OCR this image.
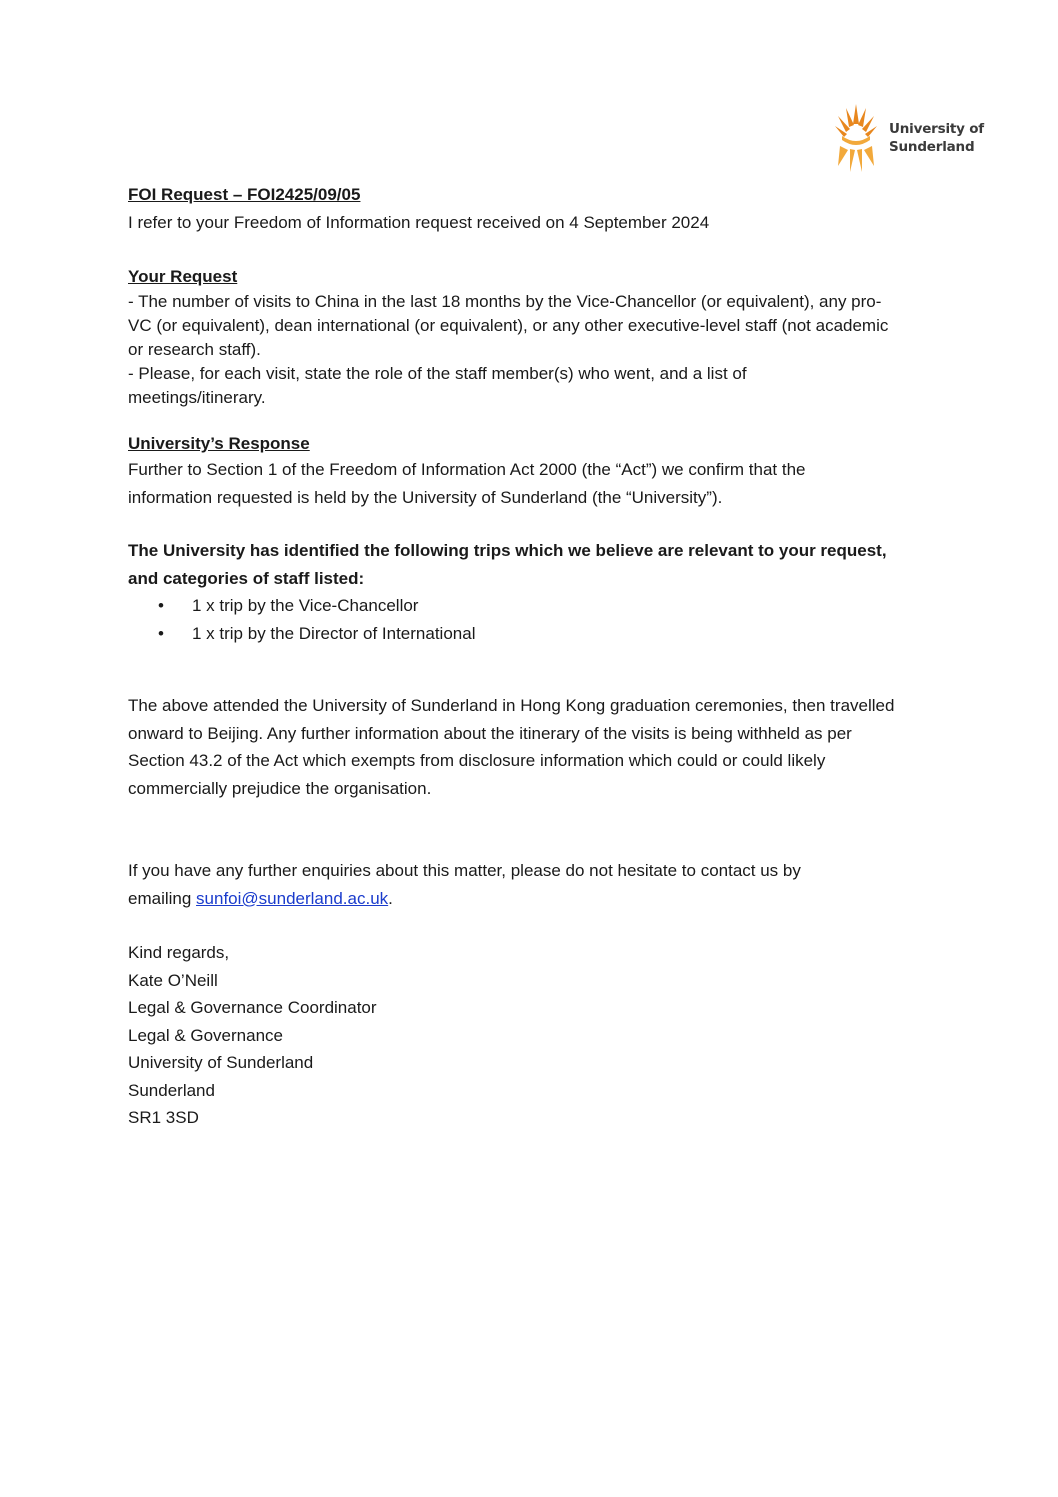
University of
Sunderland

FOI Request – FOI2425/09/05

I refer to your Freedom of Information request received on 4 September 2024

Your Request

- The number of visits to China in the last 18 months by the Vice-Chancellor (or equivalent), any pro-

VC (or equivalent), dean international (or equivalent), or any other executive-level staff (not academic

or research staff).

- Please, for each visit, state the role of the staff member(s) who went, and a list of

meetings/itinerary.

University’s Response

Further to Section 1 of the Freedom of Information Act 2000 (the “Act”) we confirm that the

information requested is held by the University of Sunderland (the “University”).

The University has identified the following trips which we believe are relevant to your request,

and categories of staff listed:

• 1 x trip by the Vice-Chancellor
• 1 x trip by the Director of International

The above attended the University of Sunderland in Hong Kong graduation ceremonies, then travelled

onward to Beijing. Any further information about the itinerary of the visits is being withheld as per

Section 43.2 of the Act which exempts from disclosure information which could or could likely

commercially prejudice the organisation.

If you have any further enquiries about this matter, please do not hesitate to contact us by

emailing sunfoi@sunderland.ac.uk.

Kind regards,

Kate O’Neill

Legal & Governance Coordinator

Legal & Governance

University of Sunderland

Sunderland

SR1 3SD
